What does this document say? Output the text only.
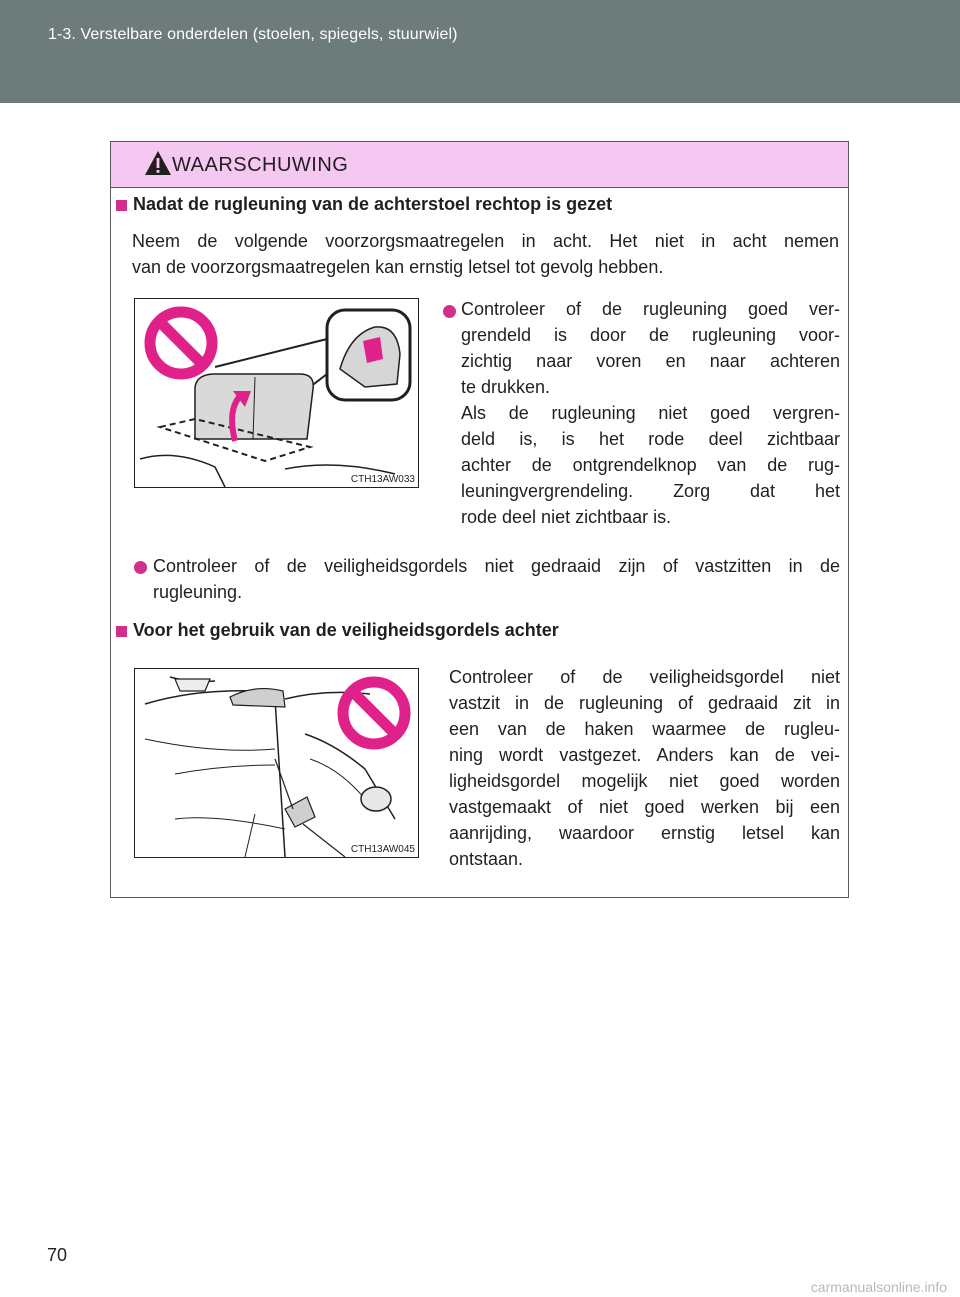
1-3. Verstelbare onderdelen (stoelen, spiegels, stuurwiel)
WAARSCHUWING
Nadat de rugleuning van de achterstoel rechtop is gezet
Neem de volgende voorzorgsmaatregelen in acht. Het niet in acht nemen
van de voorzorgsmaatregelen kan ernstig letsel tot gevolg hebben.
CTH13AW033
Controleer of de rugleuning goed ver-
grendeld is door de rugleuning voor-
zichtig naar voren en naar achteren
te drukken.
Als de rugleuning niet goed vergren-
deld is, is het rode deel zichtbaar
achter de ontgrendelknop van de rug-
leuningvergrendeling. Zorg dat het
rode deel niet zichtbaar is.
Controleer of de veiligheidsgordels niet gedraaid zijn of vastzitten in de
rugleuning.
Voor het gebruik van de veiligheidsgordels achter
CTH13AW045
Controleer of de veiligheidsgordel niet
vastzit in de rugleuning of gedraaid zit in
een van de haken waarmee de rugleu-
ning wordt vastgezet. Anders kan de vei-
ligheidsgordel mogelijk niet goed worden
vastgemaakt of niet goed werken bij een
aanrijding, waardoor ernstig letsel kan
ontstaan.
70
carmanualsonline.info
